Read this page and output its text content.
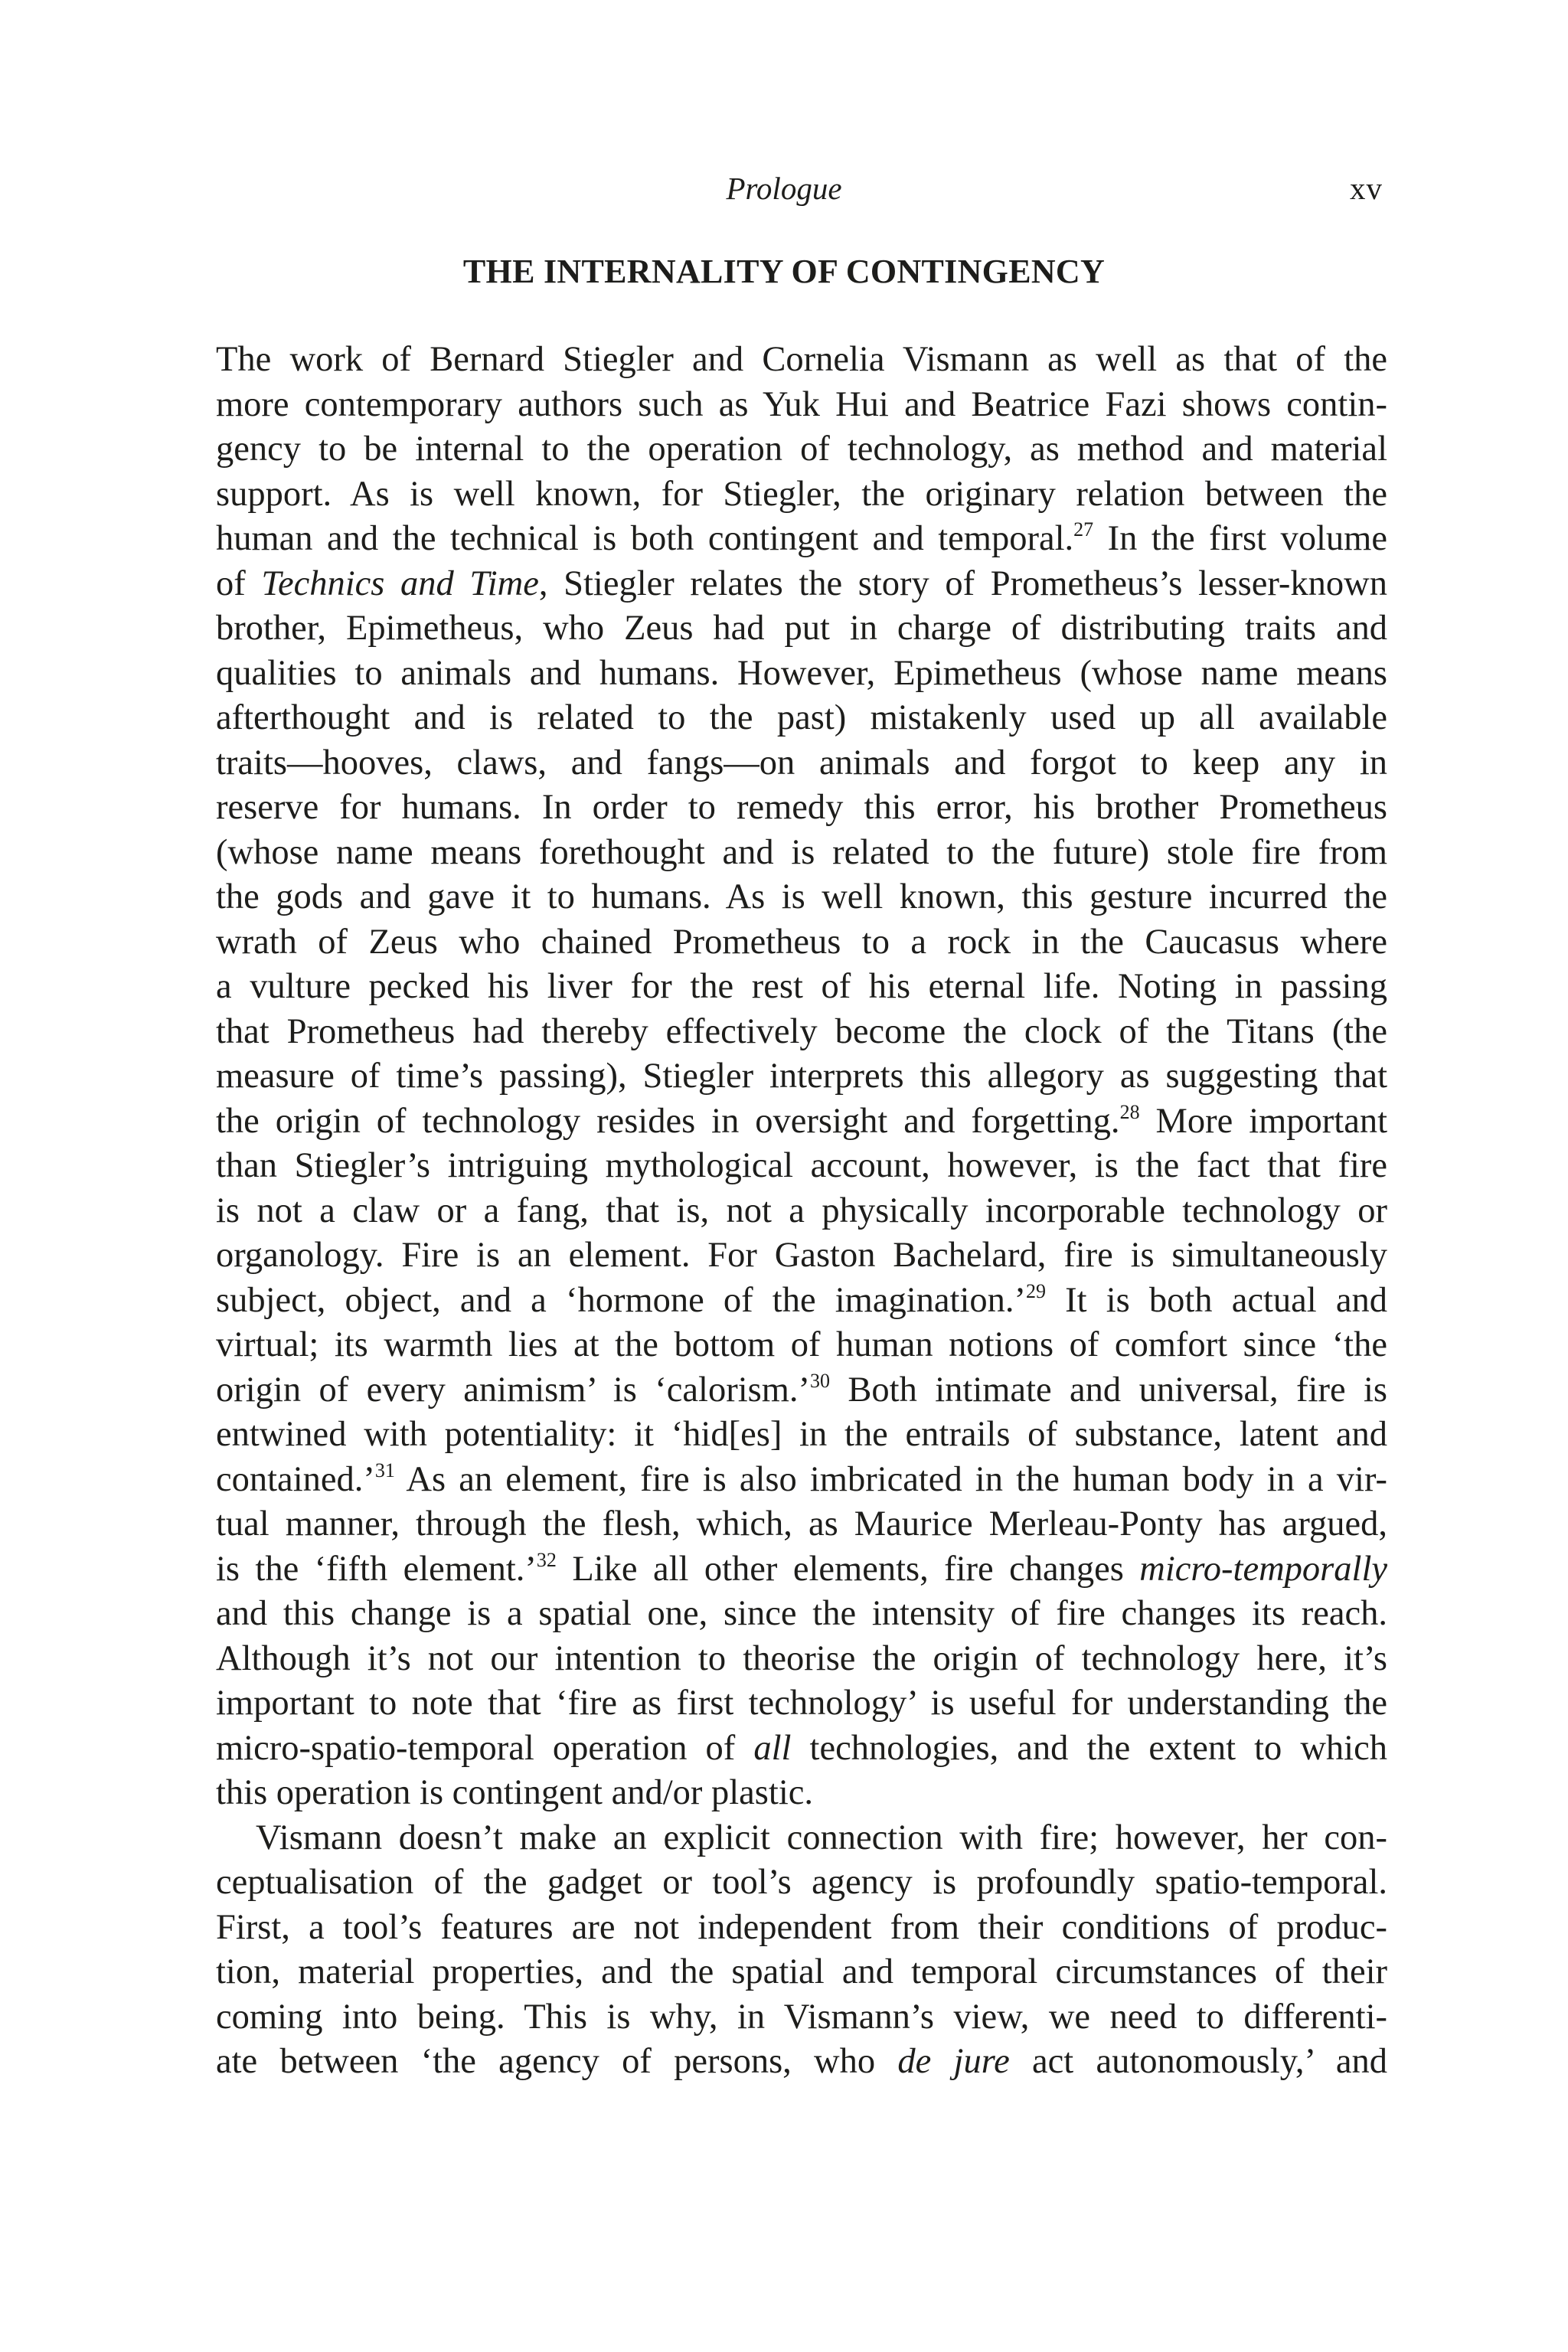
Prologue	xv
THE INTERNALITY OF CONTINGENCY
The work of Bernard Stiegler and Cornelia Vismann as well as that of the
more contemporary authors such as Yuk Hui and Beatrice Fazi shows contin-
gency to be internal to the operation of technology, as method and material
support. As is well known, for Stiegler, the originary relation between the
human and the technical is both contingent and temporal.$^{27}$ In the first volume
of Technics and Time, Stiegler relates the story of Prometheus’s lesser-known
brother, Epimetheus, who Zeus had put in charge of distributing traits and
qualities to animals and humans. However, Epimetheus (whose name means
afterthought and is related to the past) mistakenly used up all available
traits—hooves, claws, and fangs—on animals and forgot to keep any in
reserve for humans. In order to remedy this error, his brother Prometheus
(whose name means forethought and is related to the future) stole fire from
the gods and gave it to humans. As is well known, this gesture incurred the
wrath of Zeus who chained Prometheus to a rock in the Caucasus where
a vulture pecked his liver for the rest of his eternal life. Noting in passing
that Prometheus had thereby effectively become the clock of the Titans (the
measure of time’s passing), Stiegler interprets this allegory as suggesting that
the origin of technology resides in oversight and forgetting.$^{28}$ More important
than Stiegler’s intriguing mythological account, however, is the fact that fire
is not a claw or a fang, that is, not a physically incorporable technology or
organology. Fire is an element. For Gaston Bachelard, fire is simultaneously
subject, object, and a ‘hormone of the imagination.’$^{29}$ It is both actual and
virtual; its warmth lies at the bottom of human notions of comfort since ‘the
origin of every animism’ is ‘calorism.’$^{30}$ Both intimate and universal, fire is
entwined with potentiality: it ‘hid[es] in the entrails of substance, latent and
contained.’$^{31}$ As an element, fire is also imbricated in the human body in a vir-
tual manner, through the flesh, which, as Maurice Merleau-Ponty has argued,
is the ‘fifth element.’$^{32}$ Like all other elements, fire changes micro-temporally
and this change is a spatial one, since the intensity of fire changes its reach.
Although it’s not our intention to theorise the origin of technology here, it’s
important to note that ‘fire as first technology’ is useful for understanding the
micro-spatio-temporal operation of all technologies, and the extent to which
this operation is contingent and/or plastic.
Vismann doesn’t make an explicit connection with fire; however, her con-
ceptualisation of the gadget or tool’s agency is profoundly spatio-temporal.
First, a tool’s features are not independent from their conditions of produc-
tion, material properties, and the spatial and temporal circumstances of their
coming into being. This is why, in Vismann’s view, we need to differenti-
ate between ‘the agency of persons, who de jure act autonomously,’ and
